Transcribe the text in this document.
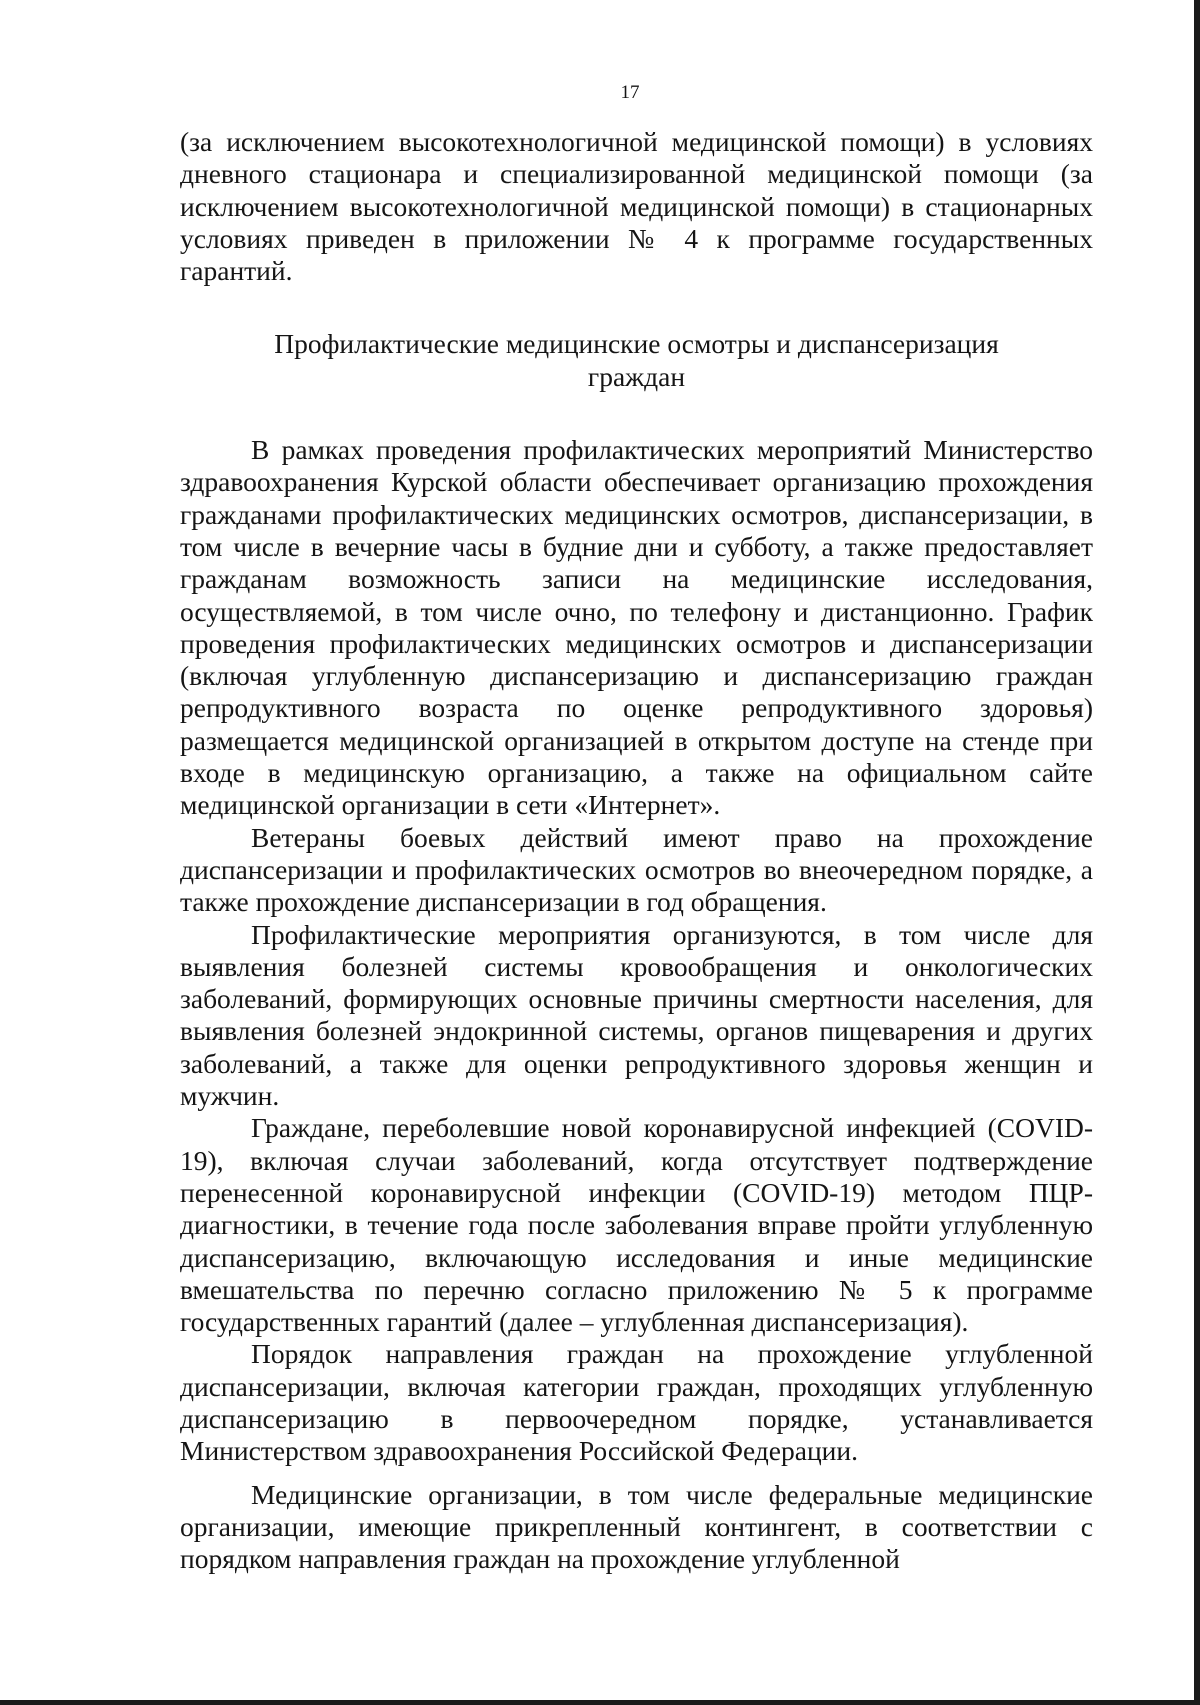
17

(за исключением высокотехнологичной медицинской помощи) в условиях дневного стационара и специализированной медицинской помощи (за исключением высокотехнологичной медицинской помощи) в стационарных условиях приведен в приложении № 4 к программе государственных гарантий.

Профилактические медицинские осмотры и диспансеризация
граждан

В рамках проведения профилактических мероприятий Министерство здравоохранения Курской области обеспечивает организацию прохождения гражданами профилактических медицинских осмотров, диспансеризации, в том числе в вечерние часы в будние дни и субботу, а также предоставляет гражданам возможность записи на медицинские исследования, осуществляемой, в том числе очно, по телефону и дистанционно. График проведения профилактических медицинских осмотров и диспансеризации (включая углубленную диспансеризацию и диспансеризацию граждан репродуктивного возраста по оценке репродуктивного здоровья) размещается медицинской организацией в открытом доступе на стенде при входе в медицинскую организацию, а также на официальном сайте медицинской организации в сети «Интернет».

Ветераны боевых действий имеют право на прохождение диспансеризации и профилактических осмотров во внеочередном порядке, а также прохождение диспансеризации в год обращения.

Профилактические мероприятия организуются, в том числе для выявления болезней системы кровообращения и онкологических заболеваний, формирующих основные причины смертности населения, для выявления болезней эндокринной системы, органов пищеварения и других заболеваний, а также для оценки репродуктивного здоровья женщин и мужчин.

Граждане, переболевшие новой коронавирусной инфекцией (COVID-19), включая случаи заболеваний, когда отсутствует подтверждение перенесенной коронавирусной инфекции (COVID-19) методом ПЦР-диагностики, в течение года после заболевания вправе пройти углубленную диспансеризацию, включающую исследования и иные медицинские вмешательства по перечню согласно приложению № 5 к программе государственных гарантий (далее – углубленная диспансеризация).

Порядок направления граждан на прохождение углубленной диспансеризации, включая категории граждан, проходящих углубленную диспансеризацию в первоочередном порядке, устанавливается Министерством здравоохранения Российской Федерации.

Медицинские организации, в том числе федеральные медицинские организации, имеющие прикрепленный контингент, в соответствии с порядком направления граждан на прохождение углубленной
